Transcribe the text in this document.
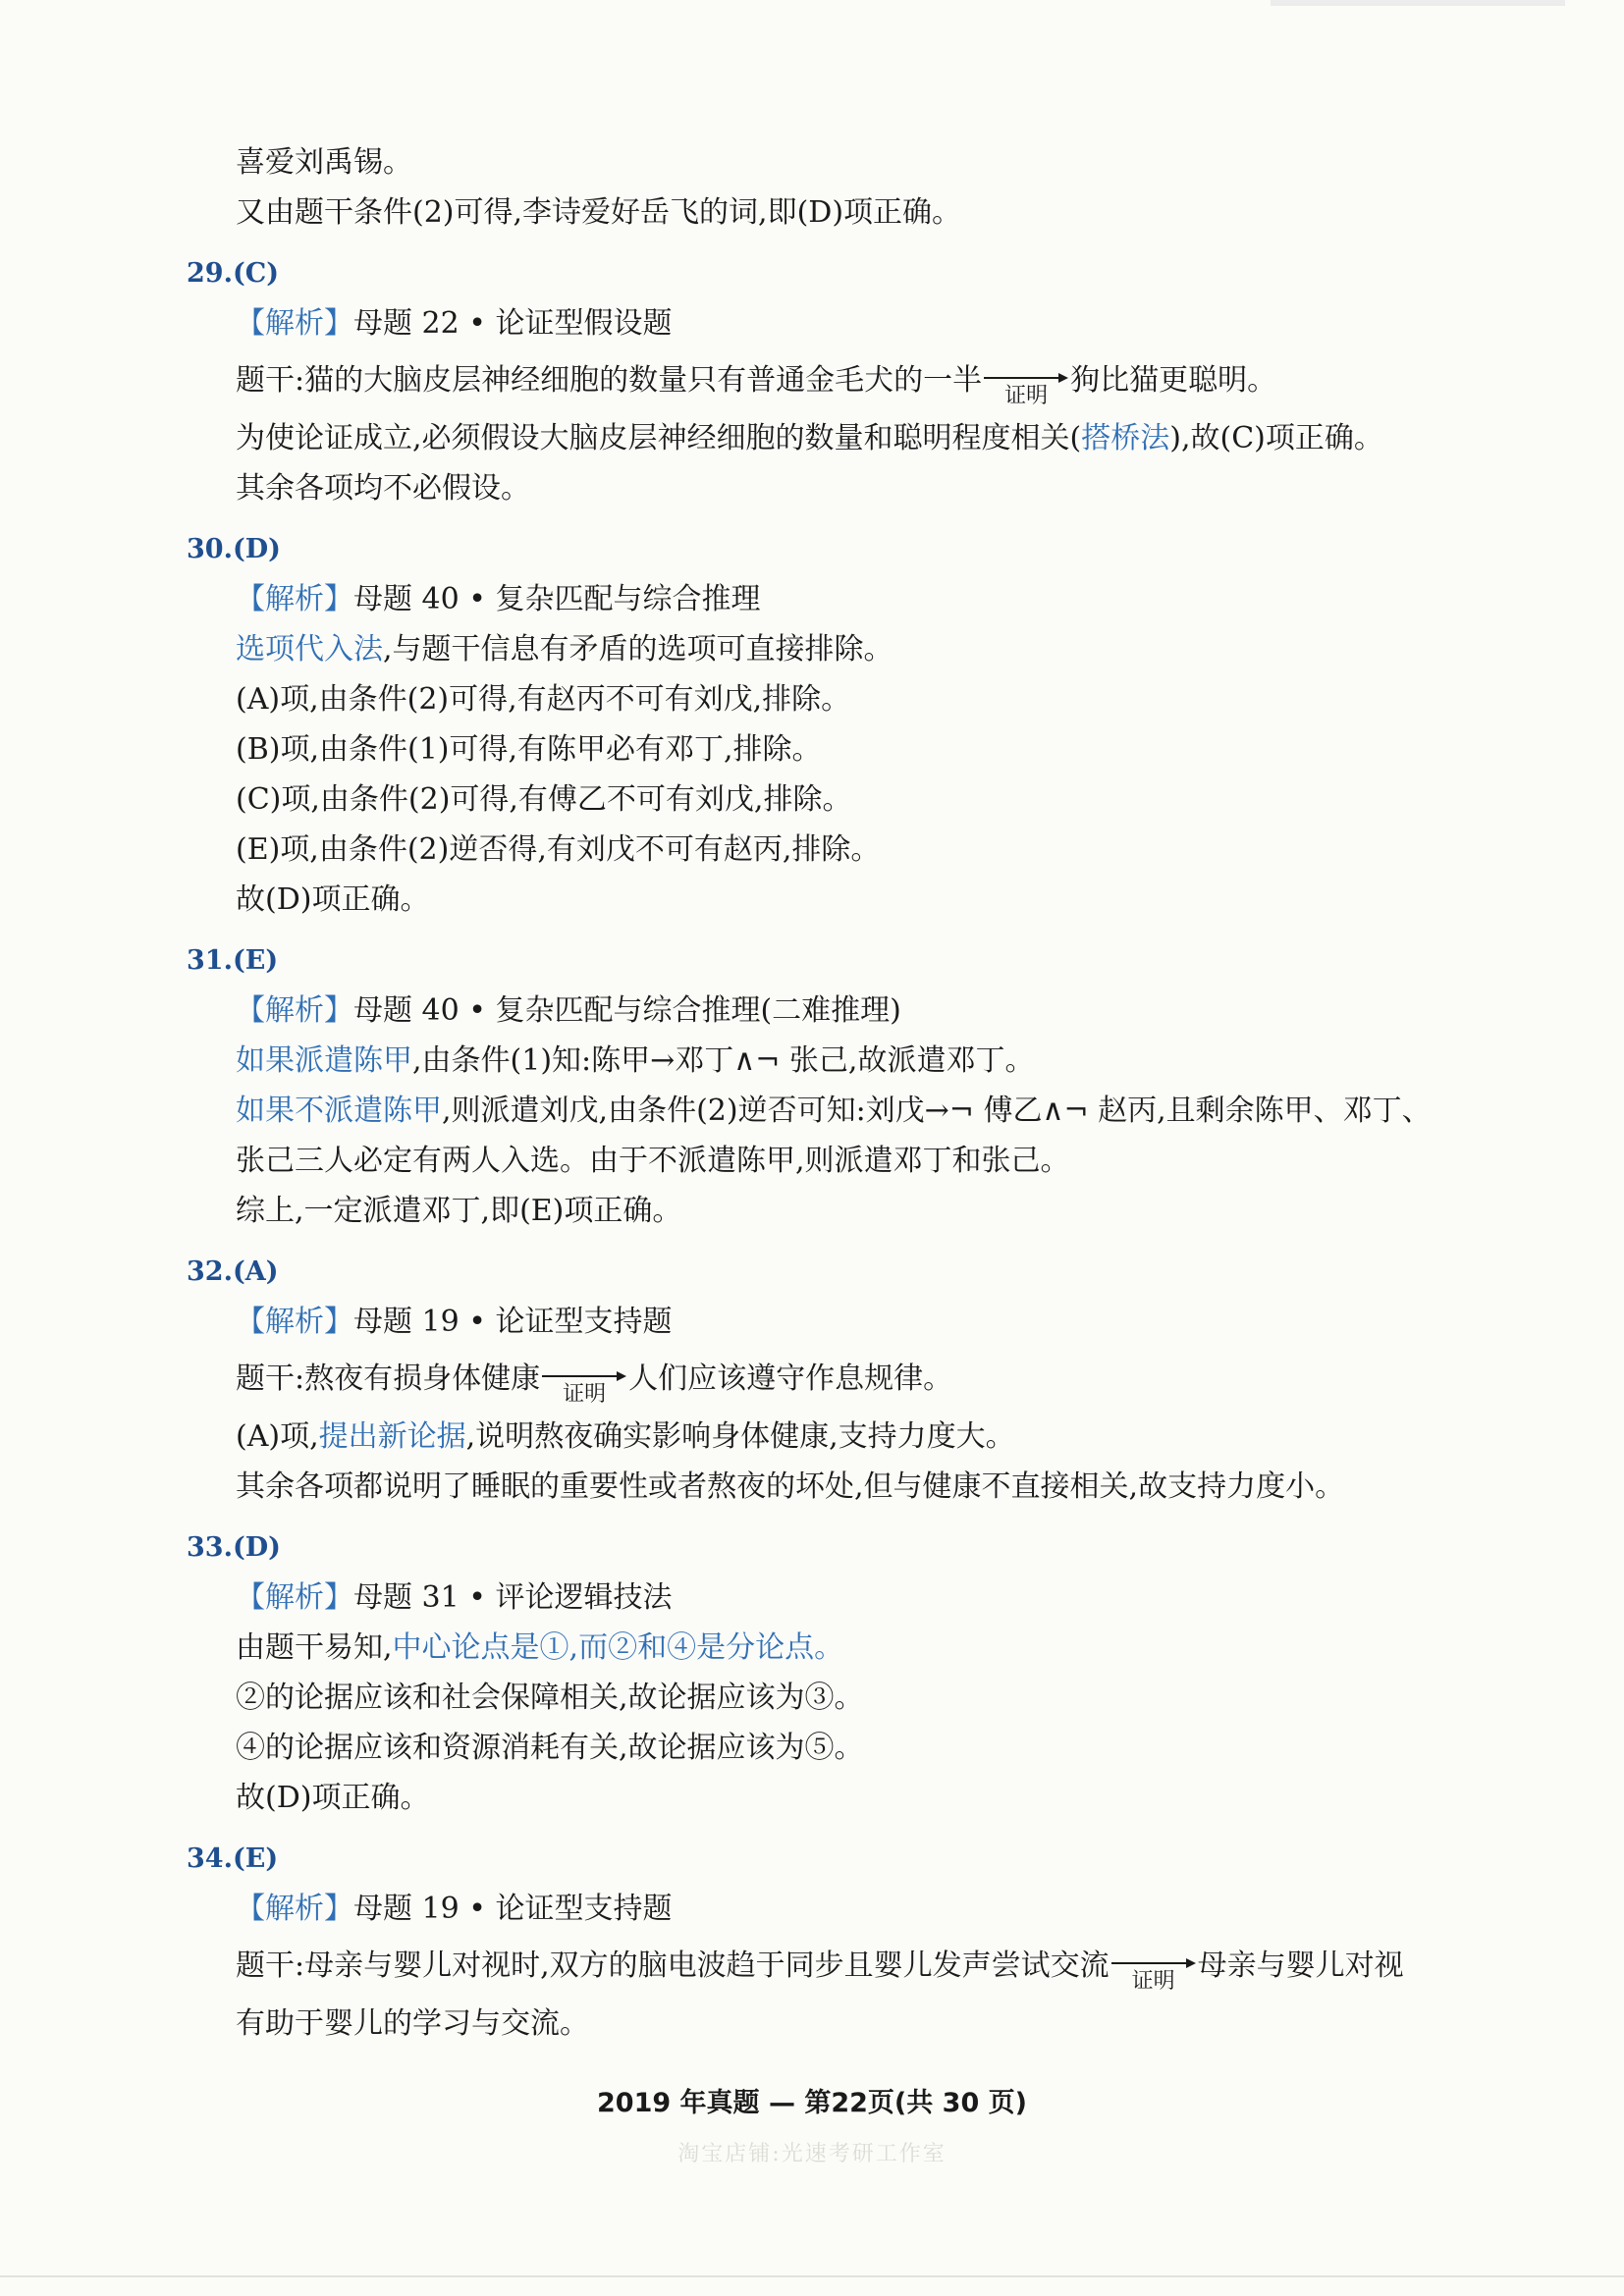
喜爱刘禹锡。
又由题干条件(2)可得,李诗爱好岳飞的词,即(D)项正确。
29.(C)
【解析】母题 22 • 论证型假设题
题干:猫的大脑皮层神经细胞的数量只有普通金毛犬的一半	证明 狗比猫更聪明。
为使论证成立,必须假设大脑皮层神经细胞的数量和聪明程度相关(搭桥法),故(C)项正确。
其余各项均不必假设。
30.(D)
【解析】母题 40 • 复杂匹配与综合推理
选项代入法,与题干信息有矛盾的选项可直接排除。
(A)项,由条件(2)可得,有赵丙不可有刘戊,排除。
(B)项,由条件(1)可得,有陈甲必有邓丁,排除。
(C)项,由条件(2)可得,有傅乙不可有刘戊,排除。
(E)项,由条件(2)逆否得,有刘戊不可有赵丙,排除。
故(D)项正确。
31.(E)
【解析】母题 40 • 复杂匹配与综合推理(二难推理)
如果派遣陈甲,由条件(1)知:陈甲→邓丁∧¬ 张己,故派遣邓丁。
如果不派遣陈甲,则派遣刘戊,由条件(2)逆否可知:刘戊→¬ 傅乙∧¬ 赵丙,且剩余陈甲、邓丁、
张己三人必定有两人入选。由于不派遣陈甲,则派遣邓丁和张己。
综上,一定派遣邓丁,即(E)项正确。
32.(A)
【解析】母题 19 • 论证型支持题
题干:熬夜有损身体健康	证明 人们应该遵守作息规律。
(A)项,提出新论据,说明熬夜确实影响身体健康,支持力度大。
其余各项都说明了睡眠的重要性或者熬夜的坏处,但与健康不直接相关,故支持力度小。
33.(D)
【解析】母题 31 • 评论逻辑技法
由题干易知,中心论点是①,而②和④是分论点。
②的论据应该和社会保障相关,故论据应该为③。
④的论据应该和资源消耗有关,故论据应该为⑤。
故(D)项正确。
34.(E)
【解析】母题 19 • 论证型支持题
题干:母亲与婴儿对视时,双方的脑电波趋于同步且婴儿发声尝试交流	证明 母亲与婴儿对视
有助于婴儿的学习与交流。
2019 年真题 — 第22页(共 30 页)
淘宝店铺:光速考研工作室
